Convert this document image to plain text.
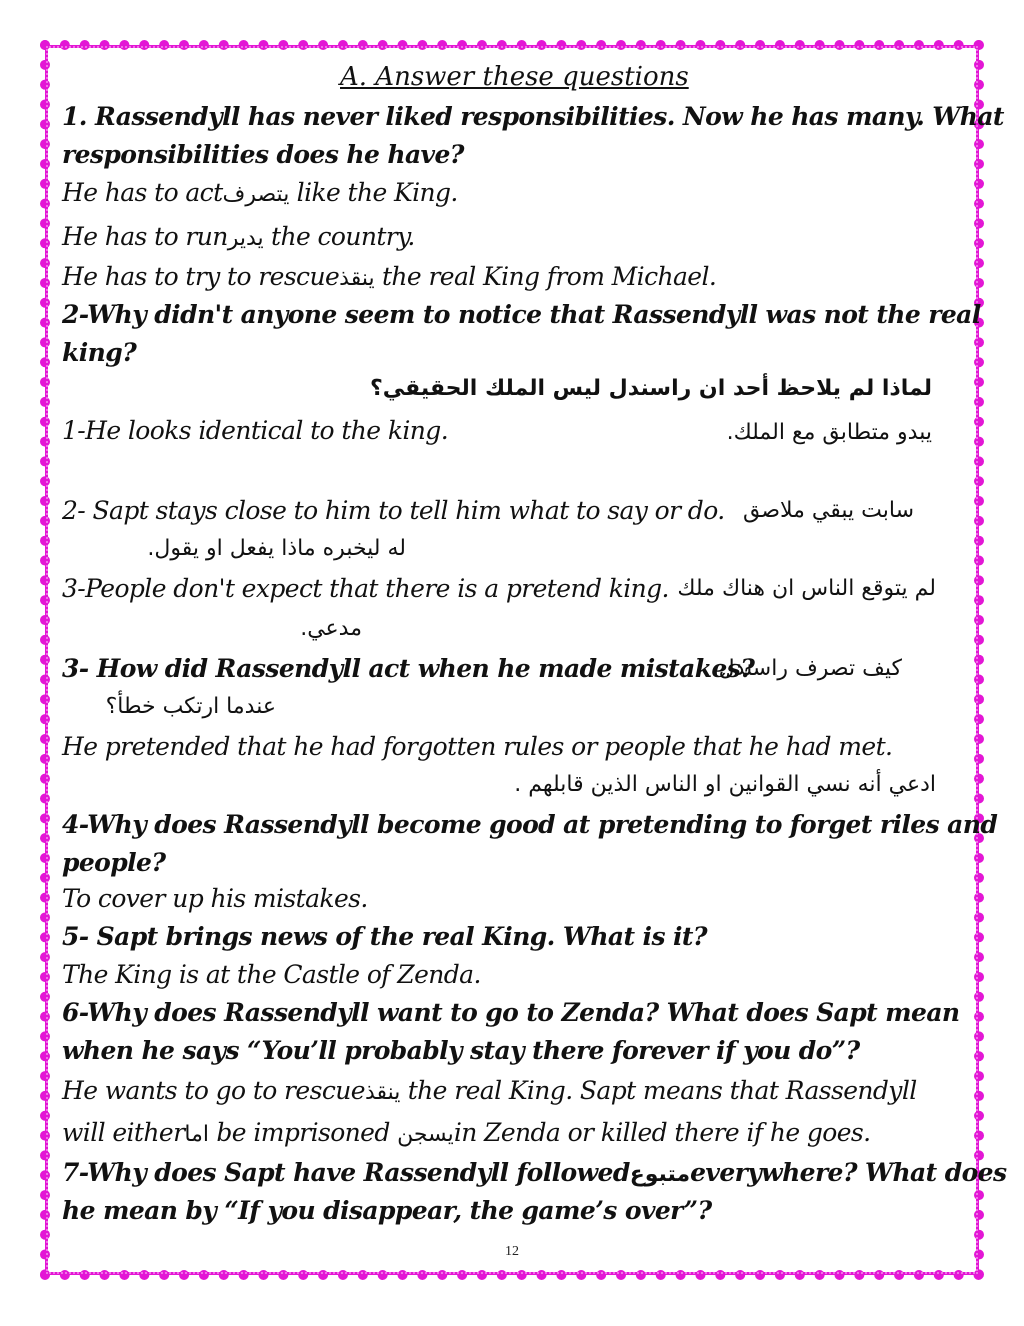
A. Answer these questions
1. Rassendyll has never liked responsibilities. Now he has many. What
responsibilities does he have?
He has to actيتصرف like the King.
He has to runيدير the country.
He has to try to rescueينقذ the real King from Michael.
2-Why didn't anyone seem to notice that Rassendyll was not the real
king?
لماذا لم يلاحظ أحد ان راسندل ليس الملك الحقيقي؟
1-He looks identical to the king.	يبدو متطابق مع الملك.
2- Sapt stays close to him to tell him what to say or do. سابت يبقي ملاصق
له ليخبره ماذا يفعل او يقول.
3-People don't expect that there is a pretend king. لم يتوقع الناس ان هناك ملك
مدعي.
3- How did Rassendyll act when he made mistakes?
كيف تصرف راسندل
عندما ارتكب خطأ؟
He pretended that he had forgotten rules or people that he had met.
ادعي أنه نسي القوانين او الناس الذين قابلهم .
4-Why does Rassendyll become good at pretending to forget riles and
people?
To cover up his mistakes.
5- Sapt brings news of the real King. What is it?
The King is at the Castle of Zenda.
6-Why does Rassendyll want to go to Zenda? What does Sapt mean
when he says “You’ll probably stay there forever if you do”?
He wants to go to rescueينقذ the real King. Sapt means that Rassendyll
will eitherاما be imprisoned يسجنin Zenda or killed there if he goes.
7-Why does Sapt have Rassendyll followedمتبوعeverywhere? What does
he mean by “If you disappear, the game’s over”?
12
